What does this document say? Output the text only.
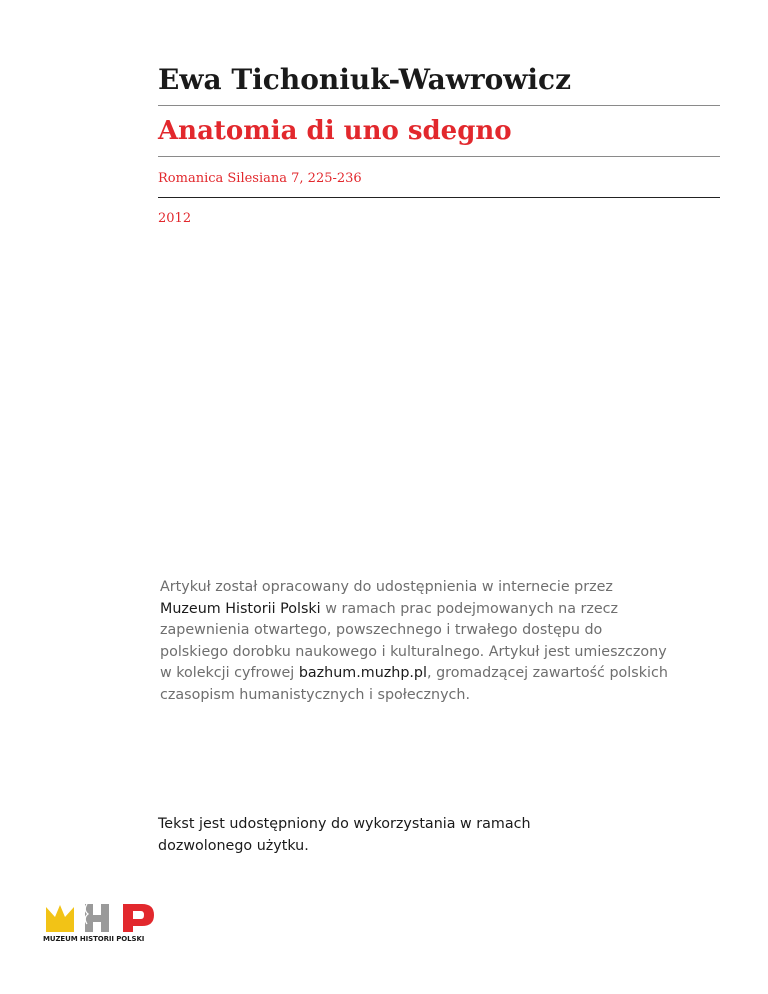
Ewa Tichoniuk-Wawrowicz
Anatomia di uno sdegno

Romanica Silesiana 7, 225-236

2012

Artykuł został opracowany do udostępnienia w internecie przez
Muzeum Historii Polski w ramach prac podejmowanych na rzecz
zapewnienia otwartego, powszechnego i trwałego dostępu do
polskiego dorobku naukowego i kulturalnego. Artykuł jest umieszczony
w kolekcji cyfrowej bazhum.muzhp.pl, gromadzącej zawartość polskich
czasopism humanistycznych i społecznych.

Tekst jest udostępniony do wykorzystania w ramach
dozwolonego użytku.

MUZEUM HISTORII POLSKI
